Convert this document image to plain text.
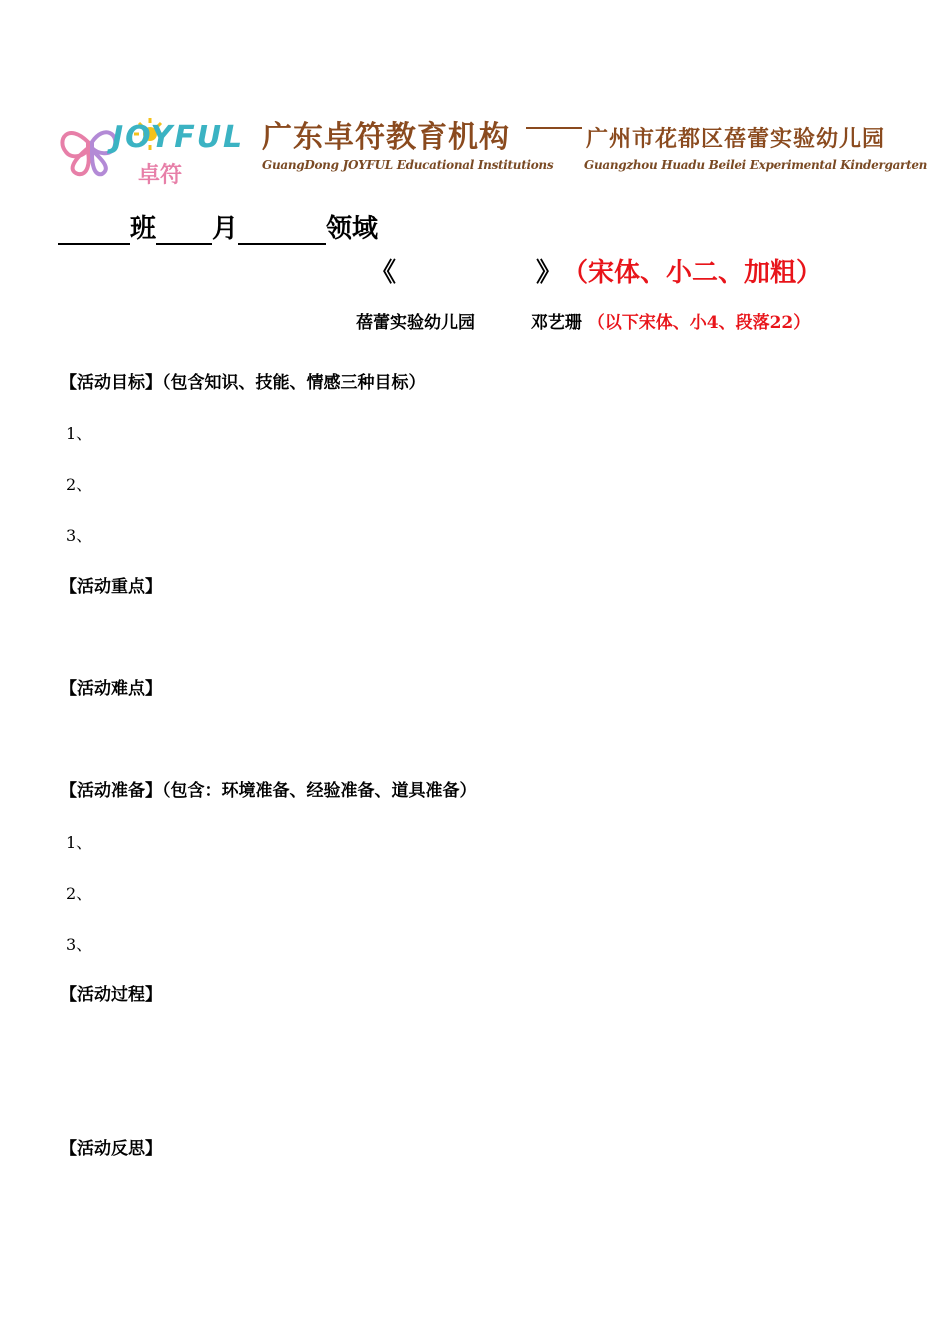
JOYFUL
卓符
广东卓符教育机构	广州市花都区蓓蕾实验幼儿园
GuangDong JOYFUL Educational Institutions	Guangzhou Huadu Beilei Experimental Kindergarten
班 月	领域
《	》 （宋体、小二、加粗）
蓓蕾实验幼儿园	邓艺珊 （以下宋体、小4、段落22）
【活动目标】（包含知识、技能、情感三种目标）
1、
2、
3、
【活动重点】
【活动难点】
【活动准备】（包含：环境准备、经验准备、道具准备）
1、
2、
3、
【活动过程】
【活动反思】
